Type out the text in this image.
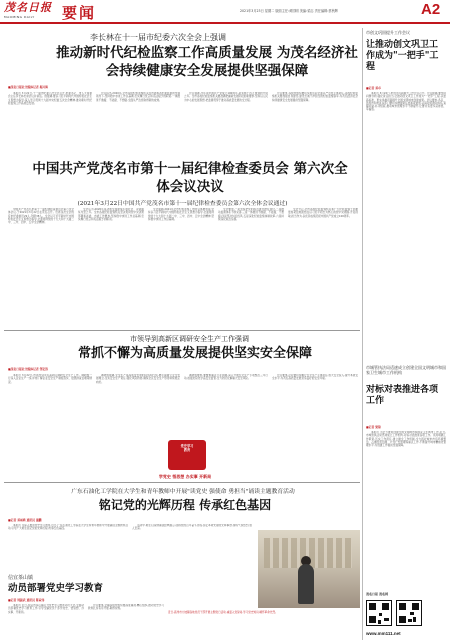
茂名日报
MAOMING DAILY 要闻	2021年3月23日 星期二 版面主任:黄国明 美编:梁志 责任编辑:蔡秋辉	A2
李长林在十一届市纪委六次全会上强调
推动新时代纪检监察工作高质量发展 为茂名经济社会持续健康安全发展提供坚强保障
■茂名日报社全媒体记者 揭兴海

本报讯 3月22日,十一届市纪委六次全会召开,市委书记、市人大常委会主任李长林出席会议并讲话。他强调,要以习近平新时代中国特色社会主义思想为指导,深入学习贯彻十九届中央纪委五次全会精神,推动新时代纪检监察工作高质量发展。

会议指出,2020年,全市各级纪检监察机关在市委和省纪委监委的坚强领导下,坚持稳中求进工作总基调,忠实履行党章和宪法赋予的职责,一体推进不敢腐、不能腐、不想腐,全面从严治党取得新的成效。

会议强调,今年是中国共产党成立100周年,是实施十四五规划的开局之年。全市各级纪检监察机关要准确把握新发展阶段的新要求,坚持以人民为中心的发展思想,把监督贯穿于推动高质量发展的全过程。

会议要求,各级党组织要切实担负起全面从严治党主体责任,各级纪检监察机关要加强自身建设,建设忠诚干净担当的纪检监察铁军,为茂名经济社会持续健康安全发展提供坚强保障。

中国共产党茂名市第十一届纪律检查委员会 第六次全体会议决议
(2021年3月22日中国共产党茂名市第十一届纪律检查委员会第六次全体会议通过)

中国共产党茂名市第十一届纪律检查委员会第六次全体会议,于2021年3月22日在茂名召开。出席这次全会的有市纪委委员29人,列席38人。全会以习近平新时代中国特色社会主义思想为指导,全面贯彻党的十九大和十九届二中、三中、四中、五中全会精神。

全会认为,2020年是决胜全面建成小康社会、决战脱贫攻坚之年。全市各级纪检监察机关坚决贯彻党中央决策部署和省委、市委工作要求,坚持稳中求进工作总基调,忠实履行党章和宪法赋予的职责。

全会强调,2021年全市纪检监察工作的总体要求是:坚持以习近平新时代中国特色社会主义思想为指导,全面贯彻党的十九大和十九届二中、三中、四中、五中全会精神,坚持稳中求进工作总基调。

全会要求,一是坚持把党的政治建设摆在首位,二是推动监督体系不断完善,三是一体推进不敢腐、不能腐、不想腐,四是坚决纠治四风,五是深化纪检监察体制改革,六是持续深化政治巡察。

全会号召,全市各级纪检监察机关和广大纪检监察干部要更加紧密地团结在以习近平同志为核心的党中央周围,开拓进取,担当作为,以优异成绩庆祝中国共产党成立100周年。

市领导到高新区调研安全生产工作强调
常抓不懈为高质量发展提供坚实安全保障
■茂名日报社全媒体记者 邹宏涛

本报讯 3月22日,市领导到茂名高新区调研安全生产工作。调研组一行深入企业生产一线,详细了解企业安全生产制度落实、隐患排查治理等情况。

调研组强调,安全生产是高质量发展的底线和红线,要牢固树立安全发展理念,压实安全生产责任,强化风险防控,确保全区安全生产形势持续稳定向好。

调研组要求,要聚焦重点行业领域,深入开展安全生产专项整治三年行动,加强危险化学品安全监管,全力防范化解重大安全风险。

会议要求,企业要切实履行安全生产主体责任,加大安全投入,提升本质安全水平,为茂名高质量发展营造良好的安全环境。

党史学习
教育
学党史 悟思想 办实事 开新局
广东石油化工学院在大学生和青年教师中开展"读党史 强使命 勇担当"诵读主题教育活动
铭记党的光辉历程 传承红色基因
■记者 邓雨鸿 通讯员 谢鹏

本报讯 为深入推进党史学习教育,近日,广东石油化工学院在大学生和青年教师中开展诵读主题教育活动,引导广大师生铭记党的光辉历程,传承红色基因。

活动中,师生们深情诵读经典篇章,回顾党的百年奋斗历程,追忆革命先辈的光辉事迹,现场气氛热烈,感人至深。

信宜茶山镇
动员部署党史学习教育
■记者 周振武 通讯员 陈家伟

本报讯 近日,信宜市茶山镇召开党史学习教育动员大会,全面动员部署党史学习教育工作,引导全镇党员干部学党史、悟思想、办实事、开新局。

会议要求,全镇各级党组织要高度重视,精心组织,推动党史学习教育扎实有序开展,取得实效。

近日,高州市大坡镇各地党员干部开展主题党日活动,重温入党誓词,学习党史知识,缅怀革命先烈。
市创文巩固提升工作会议
让推动创文巩卫工作成为"一把手"工程
■记者 邓卓

本报讯 3月22日,市创文巩固提升工作会议召开。会议强调,要坚持问题导向,强化责任担当,让推动创文巩卫工作成为"一把手"工程,以更高标准、更实举措巩固提升全国文明城市创建成果。会议要求,各区、县级市和市直各部门要切实增强责任感和紧迫感,认真对照测评体系,查漏补缺,补齐短板,推动城市管理水平不断提升,让群众有更多获得感、幸福感。

市城管执法局适速成立创建全国文明城市和国家卫生城市工作机构
对标对表推进各项工作
■记者 梁锦

本报讯 为全力推进创建全国文明城市和国家卫生城市工作,近日,市城管执法局迅速成立工作机构,对标对表推进各项工作。该局明确工作职责,压实工作责任,建立健全工作机制,全力抓好城市市容环境整治、占道经营治理、户外广告管理等重点工作,不断提升城市精细化管理水平,为创建工作提供坚强保障。

茂名日报 茂名网
www.mm111.net
